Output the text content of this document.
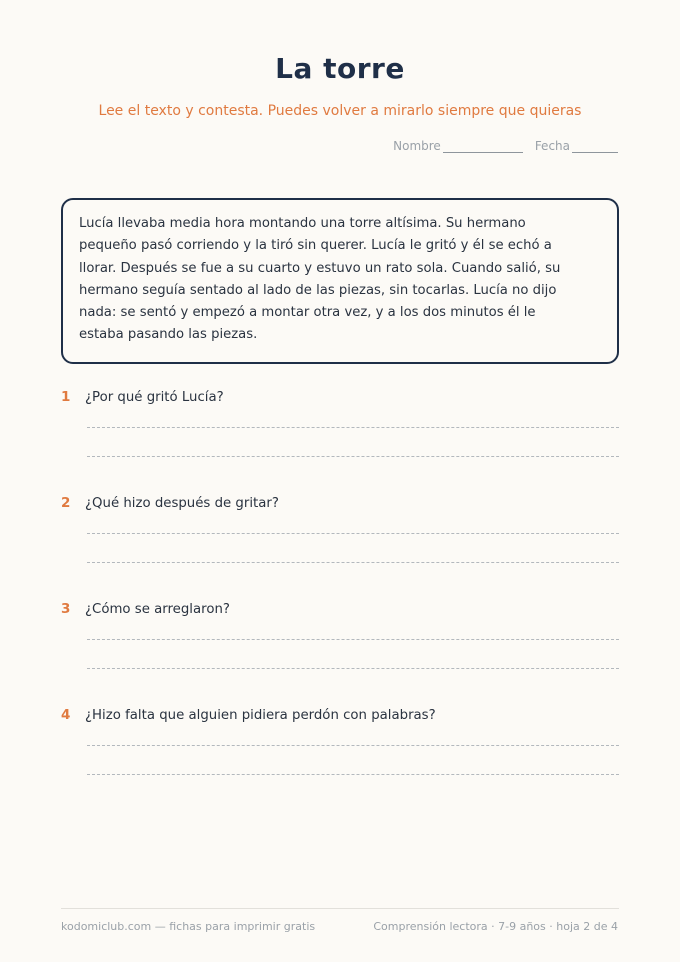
La torre

Lee el texto y contesta. Puedes volver a mirarlo siempre que quieras

Nombre	Fecha
Lucía llevaba media hora montando una torre altísima. Su hermano
pequeño pasó corriendo y la tiró sin querer. Lucía le gritó y él se echó a
llorar. Después se fue a su cuarto y estuvo un rato sola. Cuando salió, su
hermano seguía sentado al lado de las piezas, sin tocarlas. Lucía no dijo
nada: se sentó y empezó a montar otra vez, y a los dos minutos él le
estaba pasando las piezas.
1	¿Por qué gritó Lucía?
2	¿Qué hizo después de gritar?
3	¿Cómo se arreglaron?
4	¿Hizo falta que alguien pidiera perdón con palabras?
kodomiclub.com — fichas para imprimir gratis	Comprensión lectora · 7-9 años · hoja 2 de 4
